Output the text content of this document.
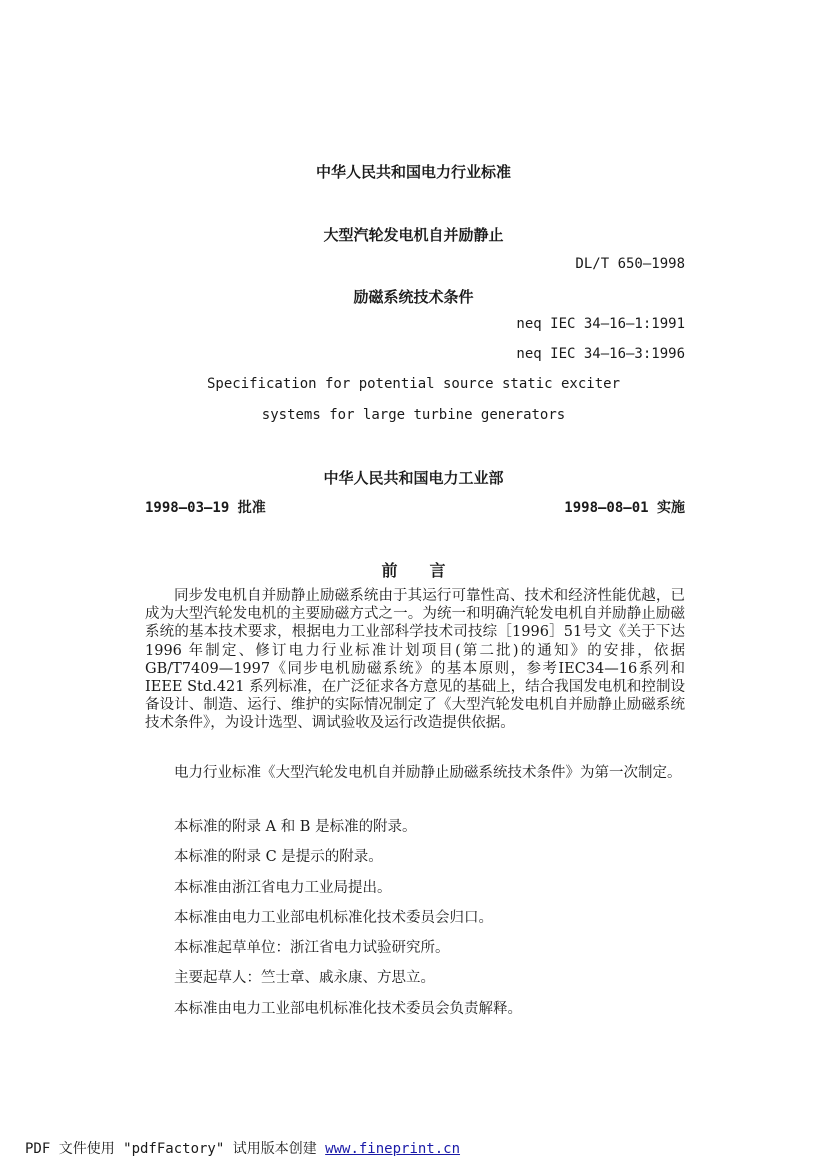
中华人民共和国电力行业标准
大型汽轮发电机自并励静止
DL/T 650—1998
励磁系统技术条件
neq IEC 34—16—1:1991
neq IEC 34—16—3:1996
Specification for potential source static exciter
systems for large turbine generators
中华人民共和国电力工业部
1998—03—19 批准	1998—08—01 实施
前　　言
同步发电机自并励静止励磁系统由于其运行可靠性高、技术和经济性能优越，已成为大型汽轮发电机的主要励磁方式之一。为统一和明确汽轮发电机自并励静止励磁系统的基本技术要求，根据电力工业部科学技术司技综［1996］51号文《关于下达 1996 年制定、修订电力行业标准计划项目(第二批)的通知》的安排，依据GB/T7409—1997《同步电机励磁系统》的基本原则，参考IEC34—16系列和 IEEE Std.421 系列标准，在广泛征求各方意见的基础上，结合我国发电机和控制设备设计、制造、运行、维护的实际情况制定了《大型汽轮发电机自并励静止励磁系统技术条件》，为设计选型、调试验收及运行改造提供依据。
电力行业标准《大型汽轮发电机自并励静止励磁系统技术条件》为第一次制定。
本标准的附录 A 和 B 是标准的附录。
本标准的附录 C 是提示的附录。
本标准由浙江省电力工业局提出。
本标准由电力工业部电机标准化技术委员会归口。
本标准起草单位：浙江省电力试验研究所。
主要起草人：竺士章、戚永康、方思立。
本标准由电力工业部电机标准化技术委员会负责解释。
PDF 文件使用 "pdfFactory" 试用版本创建 www.fineprint.cn
